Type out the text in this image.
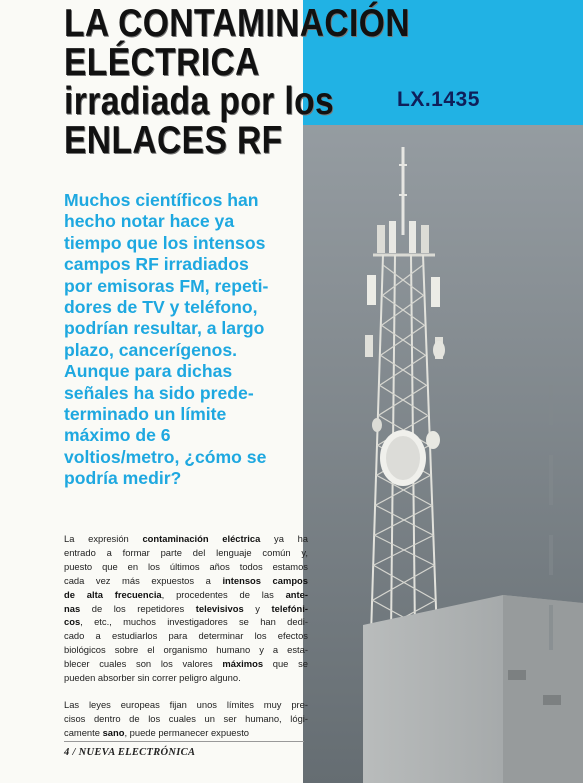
LA CONTAMINACIÓN
ELÉCTRICA
irradiada por los
ENLACES RF
LX.1435
Muchos científicos han
hecho notar hace ya
tiempo que los intensos
campos RF irradiados
por emisoras FM, repeti-
dores de TV y teléfono,
podrían resultar, a largo
plazo, cancerígenos.
Aunque para dichas
señales ha sido prede-
terminado un límite
máximo de 6
voltios/metro, ¿cómo se
podría medir?
La expresión contaminación eléctrica ya ha
entrado a formar parte del lenguaje común y,
puesto que en los últimos años todos estamos
cada vez más expuestos a intensos campos
de alta frecuencia, procedentes de las ante-
nas de los repetidores televisivos y telefóni-
cos, etc., muchos investigadores se han dedi-
cado a estudiarlos para determinar los efectos
biológicos sobre el organismo humano y a esta-
blecer cuales son los valores máximos que se
pueden absorber sin correr peligro alguno.
Las leyes europeas fijan unos límites muy pre-
cisos dentro de los cuales un ser humano, lógi-
camente sano, puede permanecer expuesto
4 / NUEVA ELECTRÓNICA
